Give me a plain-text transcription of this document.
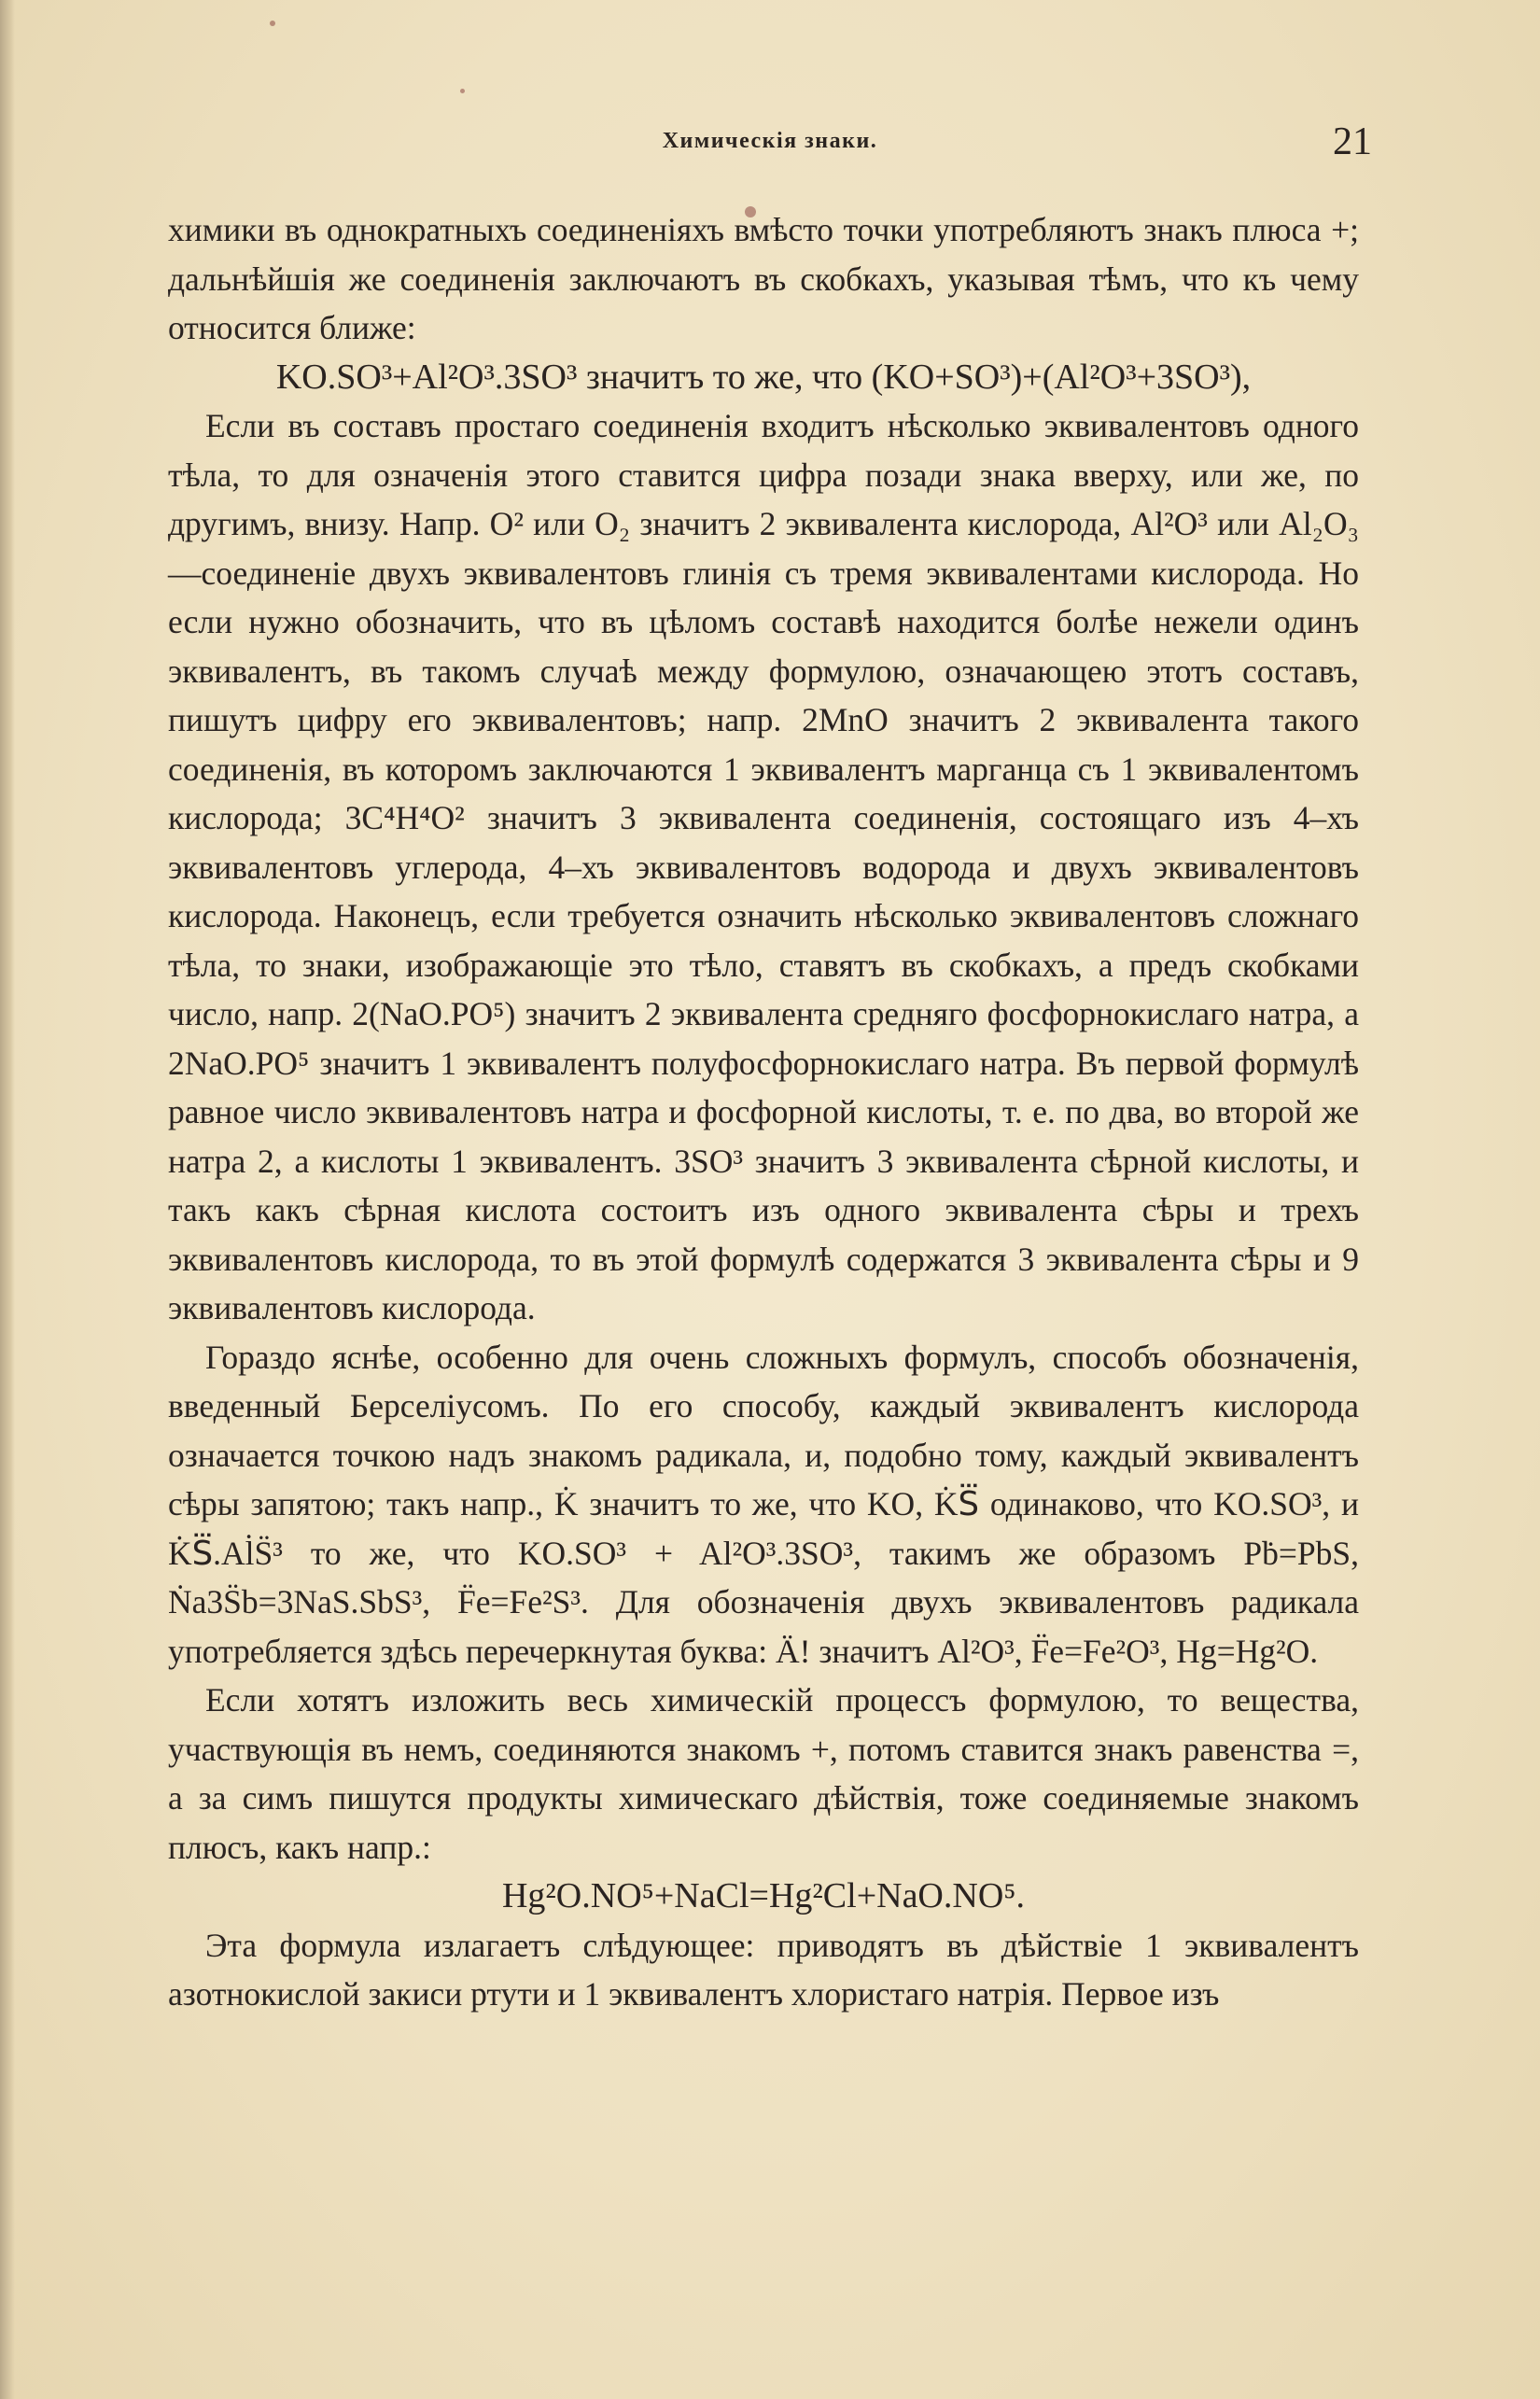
Химическія знаки.	21

химики въ однократныхъ соединеніяхъ вмѣсто точки употребляютъ знакъ плюса +; дальнѣйшія же соединенія заключаютъ въ скобкахъ, указывая тѣмъ, что къ чему относится ближе:

KO.SO³+Al²O³.3SO³ значитъ то же, что (KO+SO³)+(Al²O³+3SO³),

Если въ составъ простаго соединенія входитъ нѣсколько эквивалентовъ одного тѣла, то для означенія этого ставится цифра позади знака вверху, или же, по другимъ, внизу. Напр. O² или O₂ значитъ 2 эквивалента кислорода, Al²O³ или Al₂O₃—соединеніе двухъ эквивалентовъ глинія съ тремя эквивалентами кислорода. Но если нужно обозначить, что въ цѣломъ составѣ находится болѣе нежели одинъ эквивалентъ, въ такомъ случаѣ между формулою, означающею этотъ составъ, пишутъ цифру его эквивалентовъ; напр. 2MnO значитъ 2 эквивалента такого соединенія, въ которомъ заключаются 1 эквивалентъ марганца съ 1 эквивалентомъ кислорода; 3C⁴H⁴O² значитъ 3 эквивалента соединенія, состоящаго изъ 4–хъ эквивалентовъ углерода, 4–хъ эквивалентовъ водорода и двухъ эквивалентовъ кислорода. Наконецъ, если требуется означить нѣсколько эквивалентовъ сложнаго тѣла, то знаки, изображающіе это тѣло, ставятъ въ скобкахъ, а предъ скобками число, напр. 2(NaO.PO⁵) значитъ 2 эквивалента средняго фосфорнокислаго натра, а 2NaO.PO⁵ значитъ 1 эквивалентъ полуфосфорнокислаго натра. Въ первой формулѣ равное число эквивалентовъ натра и фосфорной кислоты, т. е. по два, во второй же натра 2, а кислоты 1 эквивалентъ. 3SO³ значитъ 3 эквивалента сѣрной кислоты, и такъ какъ сѣрная кислота состоитъ изъ одного эквивалента сѣры и трехъ эквивалентовъ кислорода, то въ этой формулѣ содержатся 3 эквивалента сѣры и 9 эквивалентовъ кислорода.

Гораздо яснѣе, особенно для очень сложныхъ формулъ, способъ обозначенія, введенный Берселіусомъ. По его способу, каждый эквивалентъ кислорода означается точкою надъ знакомъ радикала, и, подобно тому, каждый эквивалентъ сѣры запятою; такъ напр., K̇ значитъ то же, что KO, K̇S⃛ одинаково, что KO.SO³, и K̇S⃛.Al̇S̈³ то же, что KO.SO³ + Al²O³.3SO³, такимъ же образомъ Pḃ=PbS, Ṅa3S̈b=3NaS.SbS³, F̈e=Fe²S³. Для обозначенія двухъ эквивалентовъ радикала употребляется здѣсь перечеркнутая буква: Ä! значитъ Al²O³, F̈e=Fe²O³, Hg=Hg²O.

Если хотятъ изложить весь химическій процессъ формулою, то вещества, участвующія въ немъ, соединяются знакомъ +, потомъ ставится знакъ равенства =, а за симъ пишутся продукты химическаго дѣйствія, тоже соединяемые знакомъ плюсъ, какъ напр.:

Hg²O.NO⁵+NaCl=Hg²Cl+NaO.NO⁵.

Эта формула излагаетъ слѣдующее: приводятъ въ дѣйствіе 1 эквивалентъ азотнокислой закиси ртути и 1 эквивалентъ хлористаго натрія. Первое изъ
